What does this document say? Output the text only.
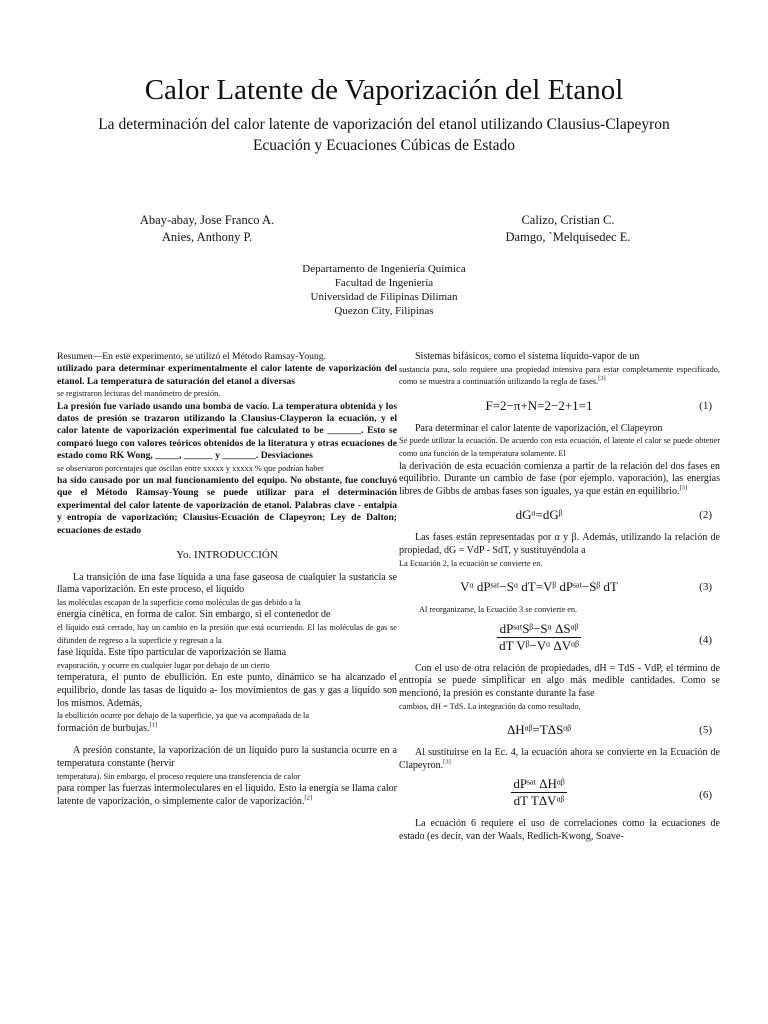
Calor Latente de Vaporización del Etanol
La determinación del calor latente de vaporización del etanol utilizando Clausius-Clapeyron
Ecuación y Ecuaciones Cúbicas de Estado
Abay-abay, Jose Franco A.
Anies, Anthony P.
Calizo, Cristian C.
Damgo, `Melquisedec E.
Departamento de Ingeniería Química
Facultad de Ingeniería
Universidad de Filipinas Diliman
Quezon City, Filipinas

Resumen—En este experimento, se utilizó el Método Ramsay-Young.

utilizado para determinar experimentalmente el calor latente de vaporización del etanol. La temperatura de saturación del etanol a diversas

se registraron lecturas del manómetro de presión.

La presión fue variado usando una bomba de vacío. La temperatura obtenida y los datos de presión se trazaron utilizando la Clausius-Clayperon la ecuación, y el calor latente de vaporización experimental fue calculated to be _______. Esto se comparó luego con valores teóricos obtenidos de la literatura y otras ecuaciones de estado como RK Wong, _____, ______ y _______. Desviaciones

se observaron porcentajes que oscilan entre xxxxx y xxxxx % que podrían haber

ha sido causado por un mal funcionamiento del equipo. No obstante, fue concluyó que el Método Ramsay-Young se puede utilizar para el determinación experimental del calor latente de vaporización de etanol. Palabras clave - entalpía y entropía de vaporización; Clausius-Ecuación de Clapeyron; Ley de Dalton; ecuaciones de estado

Yo. INTRODUCCIÓN

La transición de una fase líquida a una fase gaseosa de cualquier la sustancia se llama vaporización. En este proceso, el líquido

las moléculas escapan de la superficie como moléculas de gas debido a la

energía cinética, en forma de calor. Sin embargo, si el contenedor de

el líquido está cerrado, hay un cambio en la presión que está ocurriendo. El las moléculas de gas se difunden de regreso a la superficie y regresan a la

fase líquida. Este tipo particular de vaporización se llama

evaporación, y ocurre en cualquier lugar por debajo de un cierto

temperatura, el punto de ebullición. En este punto, dinámico se ha alcanzado el equilibrio, donde las tasas de líquido a- los movimientos de gas y gas a líquido son los mismos. Además,

la ebullición ocurre por debajo de la superficie, ya que va acompañada de la

formación de burbujas.[1]

A presión constante, la vaporización de un líquido puro la sustancia ocurre en a temperatura constante (hervir

temperatura). Sin embargo, el proceso requiere una transferencia de calor

para romper las fuerzas intermoleculares en el líquido. Esto la energía se llama calor latente de vaporización, o simplemente calor de vaporización.[2]

Sistemas bifásicos, como el sistema líquido-vapor de un

sustancia pura, solo requiere una propiedad intensiva para estar completamente especificado, como se muestra a continuación utilizando la regla de fases.[3]

F=2−π+N=2−2+1=1	(1)

Para determinar el calor latente de vaporización, el Clapeyron

Se puede utilizar la ecuación. De acuerdo con esta ecuación, el latente el calor se puede obtener como una función de la temperatura solamente. El

la derivación de esta ecuación comienza a partir de la relación del dos fases en equilibrio. Durante un cambio de fase (por ejemplo. vaporación), las energías libres de Gibbs de ambas fases son iguales, ya que están en equilibrio.[3]

dGᵅ=dGᵝ	(2)

Las fases están representadas por α y β. Además, utilizando la relación de propiedad, dG = VdP - SdT, y sustituyéndola a

La Ecuación 2, la ecuación se convierte en.

Vᵅ dPˢᵃᵗ−Sᵅ dT=Vᵝ dPˢᵃᵗ−Sᵝ dT	(3)

Al reorganizarse, la Ecuación 3 se convierte en.

$\frac{\text{dPˢᵃᵗSᵝ−Sᵅ ΔSᵅᵝ}}{\text{dT Vᵝ−Vᵅ ΔVᵅᵝ}}$	(4)

Con el uso de otra relación de propiedades, dH = TdS - VdP, el término de entropía se puede simplificar en algo más medible cantidades. Como se mencionó, la presión es constante durante la fase

cambios, dH = TdS. La integración da como resultado,

ΔHᵅᵝ=TΔSᵅᵝ	(5)

Al sustituirse en la Ec. 4, la ecuación ahora se convierte en la Ecuación de Clapeyron.[3]

$\frac{\text{dPˢᵃᵗ ΔHᵅᵝ}}{\text{dT TΔVᵅᵝ}}$	(6)

La ecuación 6 requiere el uso de correlaciones como la ecuaciones de estado (es decir, van der Waals, Redlich-Kwong, Soave-
